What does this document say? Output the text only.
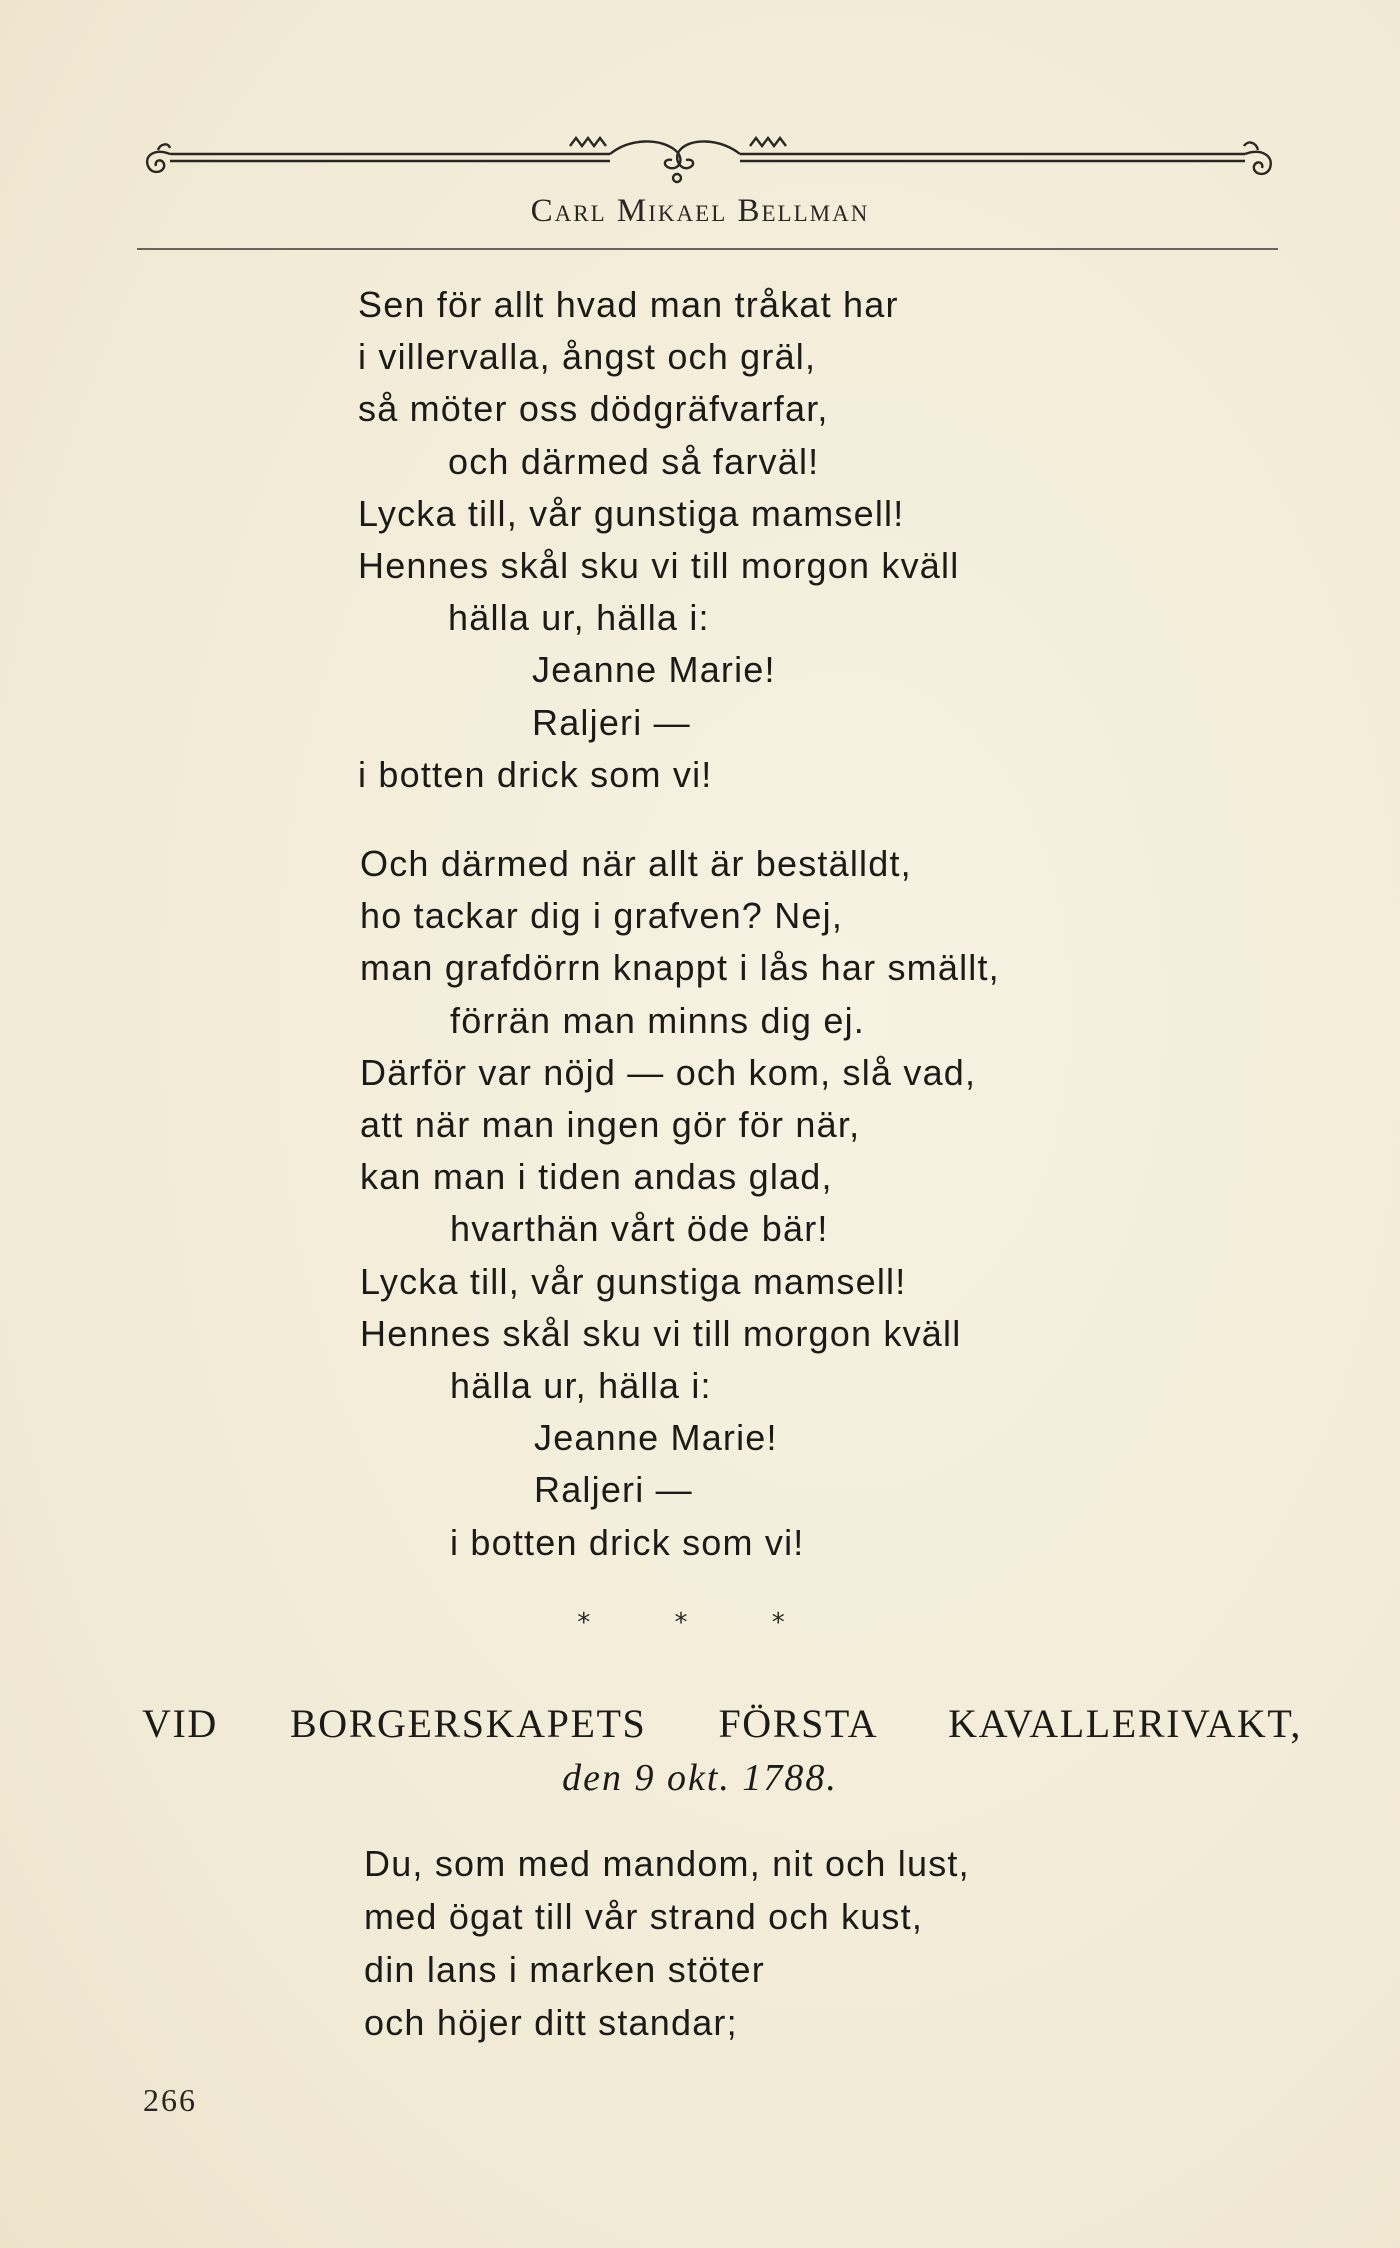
Carl Mikael Bellman
Sen för allt hvad man tråkat har
i villervalla, ångst och gräl,
så möter oss dödgräfvarfar,
och därmed så farväl!
Lycka till, vår gunstiga mamsell!
Hennes skål sku vi till morgon kväll
hälla ur, hälla i:
Jeanne Marie!
Raljeri —
i botten drick som vi!
Och därmed när allt är beställdt,
ho tackar dig i grafven? Nej,
man grafdörrn knappt i lås har smällt,
förrän man minns dig ej.
Därför var nöjd — och kom, slå vad,
att när man ingen gör för när,
kan man i tiden andas glad,
hvarthän vårt öde bär!
Lycka till, vår gunstiga mamsell!
Hennes skål sku vi till morgon kväll
hälla ur, hälla i:
Jeanne Marie!
Raljeri —
i botten drick som vi!
* * *
VID BORGERSKAPETS FÖRSTA KAVALLERIVAKT,
den 9 okt. 1788.
Du, som med mandom, nit och lust,
med ögat till vår strand och kust,
din lans i marken stöter
och höjer ditt standar;
266
